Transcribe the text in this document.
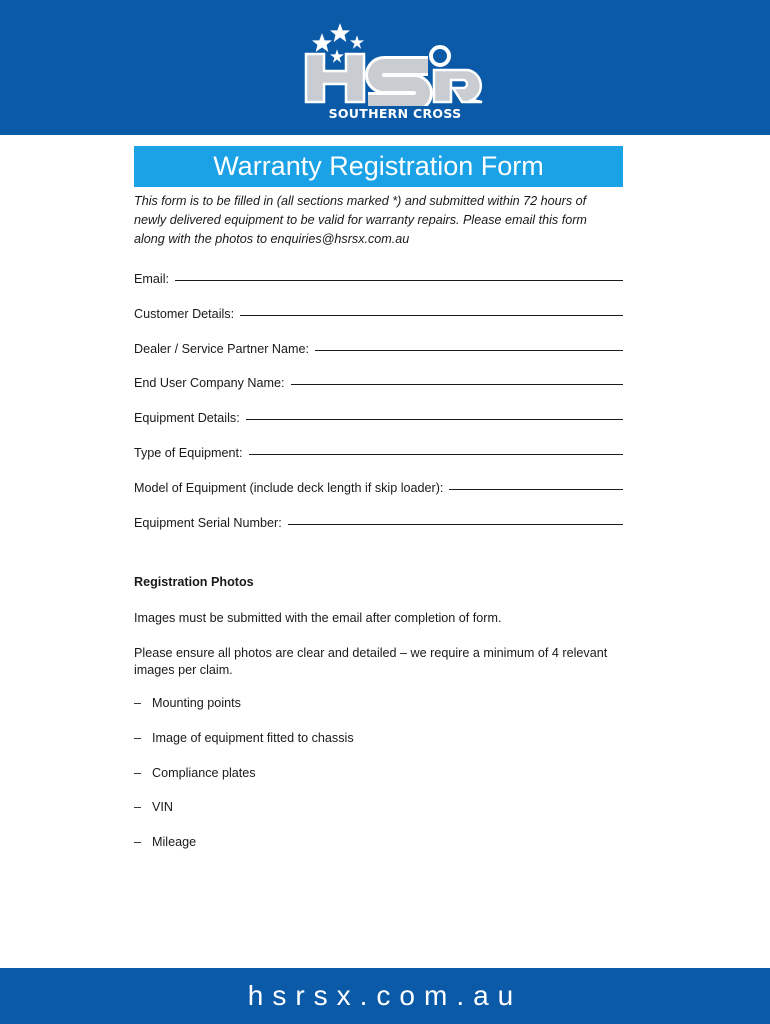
SOUTHERN CROSS
Warranty Registration Form
This form is to be filled in (all sections marked *) and submitted within 72 hours of
newly delivered equipment to be valid for warranty repairs. Please email this form
along with the photos to enquiries@hsrsx.com.au
Email:
Customer Details:
Dealer / Service Partner Name:
End User Company Name:
Equipment Details:
Type of Equipment:
Model of Equipment (include deck length if skip loader):
Equipment Serial Number:
Registration Photos
Images must be submitted with the email after completion of form.
Please ensure all photos are clear and detailed – we require a minimum of 4 relevant
images per claim.
– Mounting points
– Image of equipment fitted to chassis
– Compliance plates
– VIN
– Mileage
hsrsx.com.au
